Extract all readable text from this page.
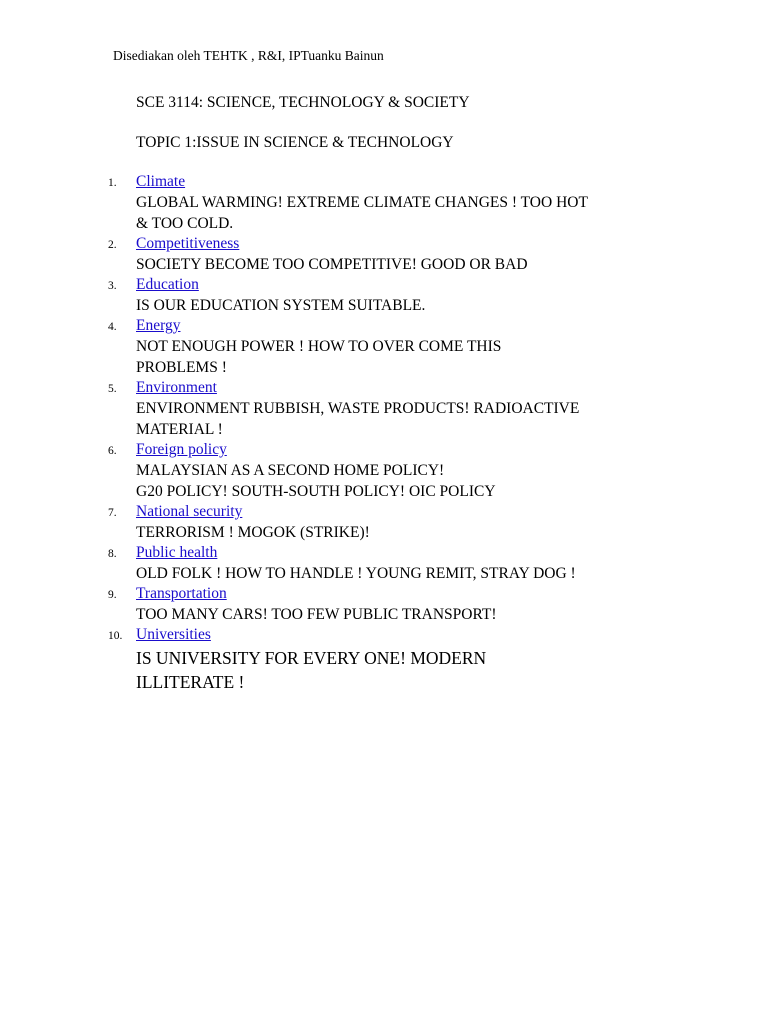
Disediakan oleh TEHTK , R&I, IPTuanku Bainun
SCE 3114: SCIENCE, TECHNOLOGY & SOCIETY
TOPIC 1:ISSUE IN SCIENCE & TECHNOLOGY
1.	Climate
GLOBAL WARMING! EXTREME CLIMATE CHANGES ! TOO HOT
& TOO COLD.
2.	Competitiveness
SOCIETY BECOME TOO COMPETITIVE! GOOD OR BAD
3.	Education
IS OUR EDUCATION SYSTEM SUITABLE.
4.	Energy
NOT ENOUGH POWER ! HOW TO OVER COME THIS
PROBLEMS !
5.	Environment
ENVIRONMENT RUBBISH, WASTE PRODUCTS! RADIOACTIVE
MATERIAL !
6.	Foreign policy
MALAYSIAN AS A SECOND HOME POLICY!
G20 POLICY! SOUTH-SOUTH POLICY! OIC POLICY
7.	National security
TERRORISM ! MOGOK (STRIKE)!
8.	Public health
OLD FOLK ! HOW TO HANDLE ! YOUNG REMIT, STRAY DOG !
9.	Transportation
TOO MANY CARS! TOO FEW PUBLIC TRANSPORT!
10. Universities
IS UNIVERSITY FOR EVERY ONE! MODERN
ILLITERATE !
